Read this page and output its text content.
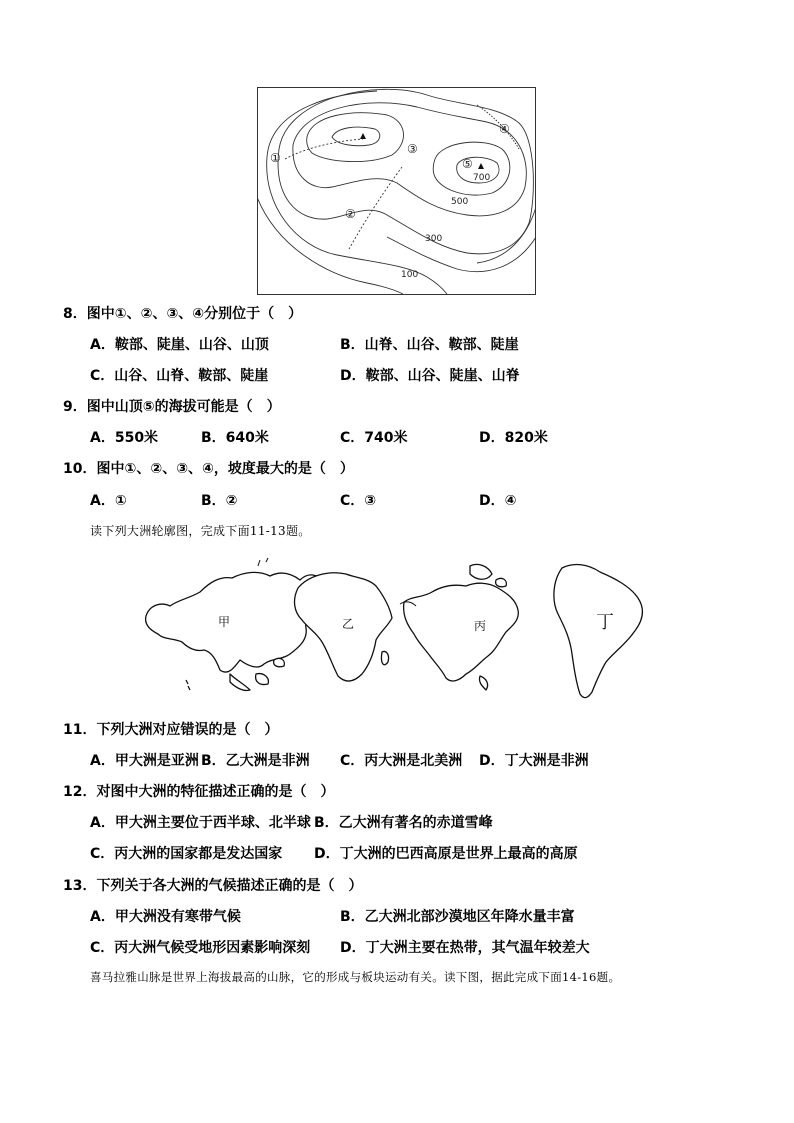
①
②
③
④
⑤
700
500
300
100
8．图中①、②、③、④分别位于（　）
A．鞍部、陡崖、山谷、山顶	B．山脊、山谷、鞍部、陡崖
C．山谷、山脊、鞍部、陡崖	D．鞍部、山谷、陡崖、山脊
9．图中山顶⑤的海拔可能是（　）
A．550米	B．640米	C．740米	D．820米
10．图中①、②、③、④，坡度最大的是（　）
A．①	B．②	C．③	D．④
读下列大洲轮廓图，完成下面11-13题。
甲	乙	丙	丁
11．下列大洲对应错误的是（　）
A．甲大洲是亚洲 B．乙大洲是非洲 C．丙大洲是北美洲 D．丁大洲是非洲
12．对图中大洲的特征描述正确的是（　）
A．甲大洲主要位于西半球、北半球 B．乙大洲有著名的赤道雪峰
C．丙大洲的国家都是发达国家 D．丁大洲的巴西高原是世界上最高的高原
13．下列关于各大洲的气候描述正确的是（　）
A．甲大洲没有寒带气候	B．乙大洲北部沙漠地区年降水量丰富
C．丙大洲气候受地形因素影响深刻 D．丁大洲主要在热带，其气温年较差大
喜马拉雅山脉是世界上海拔最高的山脉，它的形成与板块运动有关。读下图，据此完成下面14-16题。
